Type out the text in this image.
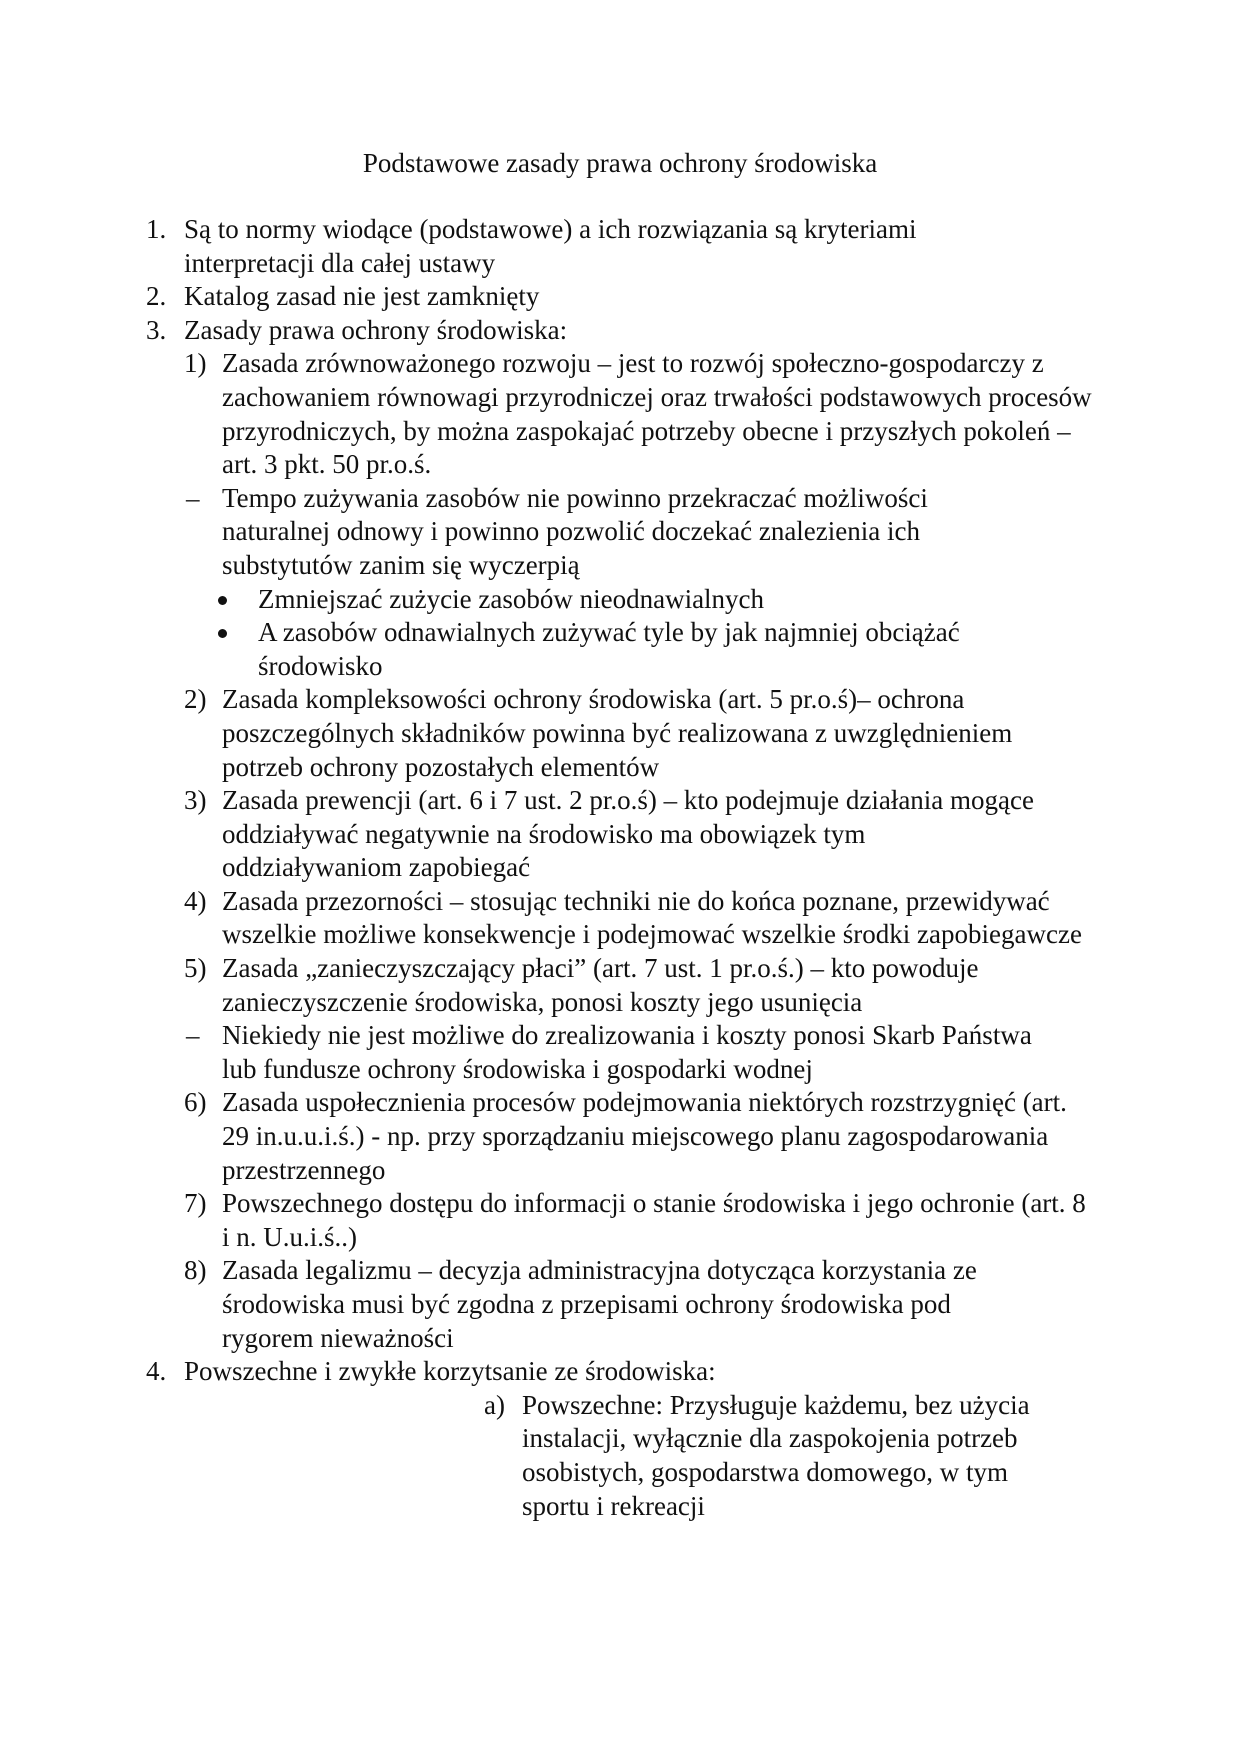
Podstawowe zasady prawa ochrony środowiska
1. Są to normy wiodące (podstawowe) a ich rozwiązania są kryteriami interpretacji dla całej ustawy
2. Katalog zasad nie jest zamknięty
3. Zasady prawa ochrony środowiska:
1) Zasada zrównoważonego rozwoju – jest to rozwój społeczno-gospodarczy z zachowaniem równowagi przyrodniczej oraz trwałości podstawowych procesów przyrodniczych, by można zaspokajać potrzeby obecne i przyszłych pokoleń – art. 3 pkt. 50 pr.o.ś.
– Tempo zużywania zasobów nie powinno przekraczać możliwości naturalnej odnowy i powinno pozwolić doczekać znalezienia ich substytutów zanim się wyczerpią
Zmniejszać zużycie zasobów nieodnawialnych
A zasobów odnawialnych zużywać tyle by jak najmniej obciążać środowisko
2) Zasada kompleksowości ochrony środowiska (art. 5 pr.o.ś)– ochrona poszczególnych składników powinna być realizowana z uwzględnieniem potrzeb ochrony pozostałych elementów
3) Zasada prewencji (art. 6 i 7 ust. 2 pr.o.ś) – kto podejmuje działania mogące oddziaływać negatywnie na środowisko ma obowiązek tym oddziaływaniom zapobiegać
4) Zasada przezorności – stosując techniki nie do końca poznane, przewidywać wszelkie możliwe konsekwencje i podejmować wszelkie środki zapobiegawcze
5) Zasada „zanieczyszczający płaci” (art. 7 ust. 1 pr.o.ś.) – kto powoduje zanieczyszczenie środowiska, ponosi koszty jego usunięcia
– Niekiedy nie jest możliwe do zrealizowania i koszty ponosi Skarb Państwa lub fundusze ochrony środowiska i gospodarki wodnej
6) Zasada uspołecznienia procesów podejmowania niektórych rozstrzygnięć (art. 29 in.u.u.i.ś.) - np. przy sporządzaniu miejscowego planu zagospodarowania przestrzennego
7) Powszechnego dostępu do informacji o stanie środowiska i jego ochronie (art. 8 i n. U.u.i.ś..)
8) Zasada legalizmu – decyzja administracyjna dotycząca korzystania ze środowiska musi być zgodna z przepisami ochrony środowiska pod rygorem nieważności
4. Powszechne i zwykłe korzytsanie ze środowiska:
a) Powszechne: Przysługuje każdemu, bez użycia instalacji, wyłącznie dla zaspokojenia potrzeb osobistych, gospodarstwa domowego, w tym sportu i rekreacji
